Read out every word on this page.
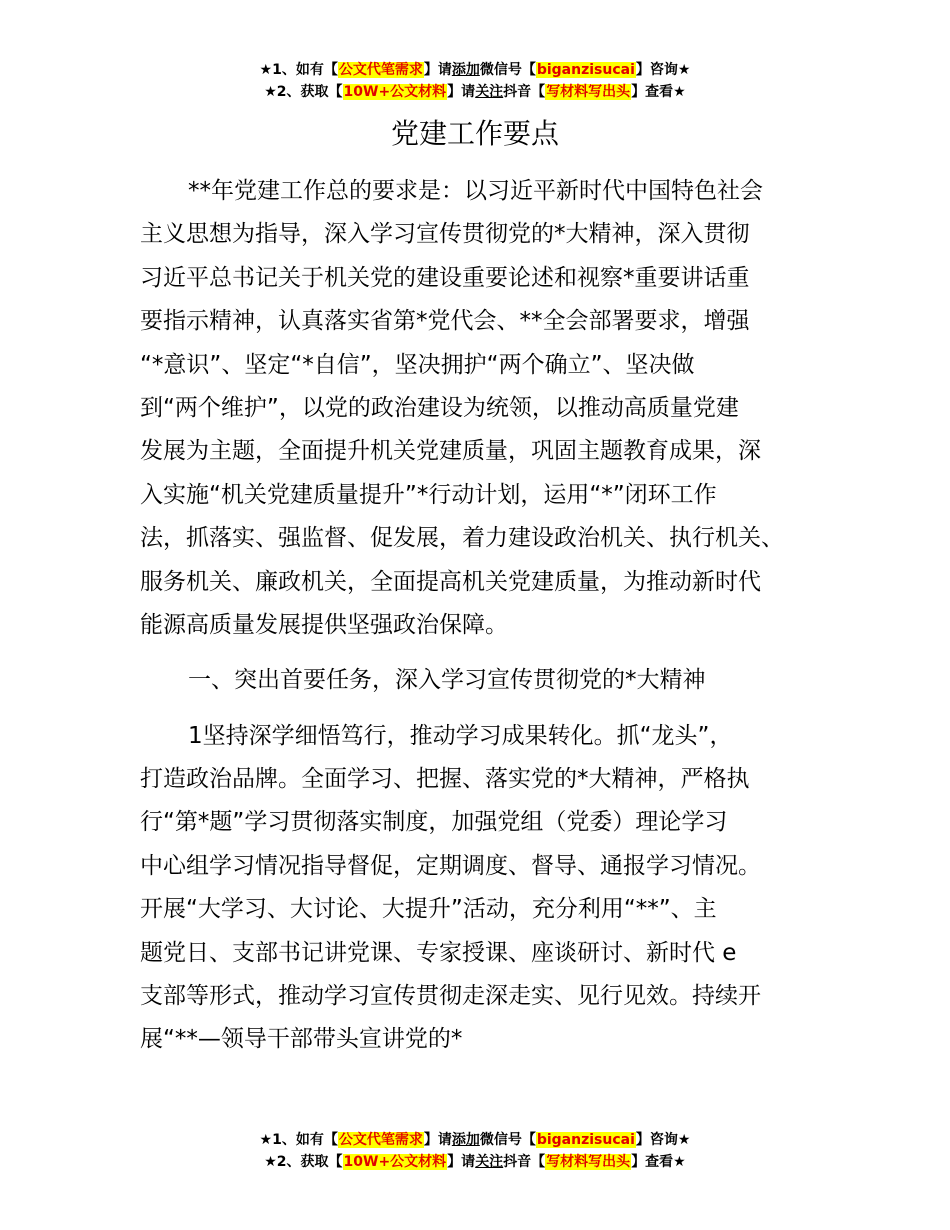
★1、如有【公文代笔需求】请添加微信号【biganzisucai】咨询★
★2、获取【10W+公文材料】请关注抖音【写材料写出头】查看★
党建工作要点
**年党建工作总的要求是：以习近平新时代中国特色社会
主义思想为指导，深入学习宣传贯彻党的*大精神，深入贯彻
习近平总书记关于机关党的建设重要论述和视察*重要讲话重
要指示精神，认真落实省第*党代会、**全会部署要求，增强
“*意识”、坚定“*自信”，坚决拥护“两个确立”、坚决做
到“两个维护”，以党的政治建设为统领，以推动高质量党建
发展为主题，全面提升机关党建质量，巩固主题教育成果，深
入实施“机关党建质量提升”*行动计划，运用“*”闭环工作
法，抓落实、强监督、促发展，着力建设政治机关、执行机关、
服务机关、廉政机关，全面提高机关党建质量，为推动新时代
能源高质量发展提供坚强政治保障。
一、突出首要任务，深入学习宣传贯彻党的*大精神
1坚持深学细悟笃行，推动学习成果转化。抓“龙头”，
打造政治品牌。全面学习、把握、落实党的*大精神，严格执
行“第*题”学习贯彻落实制度，加强党组（党委）理论学习
中心组学习情况指导督促，定期调度、督导、通报学习情况。
开展“大学习、大讨论、大提升”活动，充分利用“**”、主
题党日、支部书记讲党课、专家授课、座谈研讨、新时代 e
支部等形式，推动学习宣传贯彻走深走实、见行见效。持续开
展“**—领导干部带头宣讲党的*
★1、如有【公文代笔需求】请添加微信号【biganzisucai】咨询★
★2、获取【10W+公文材料】请关注抖音【写材料写出头】查看★
